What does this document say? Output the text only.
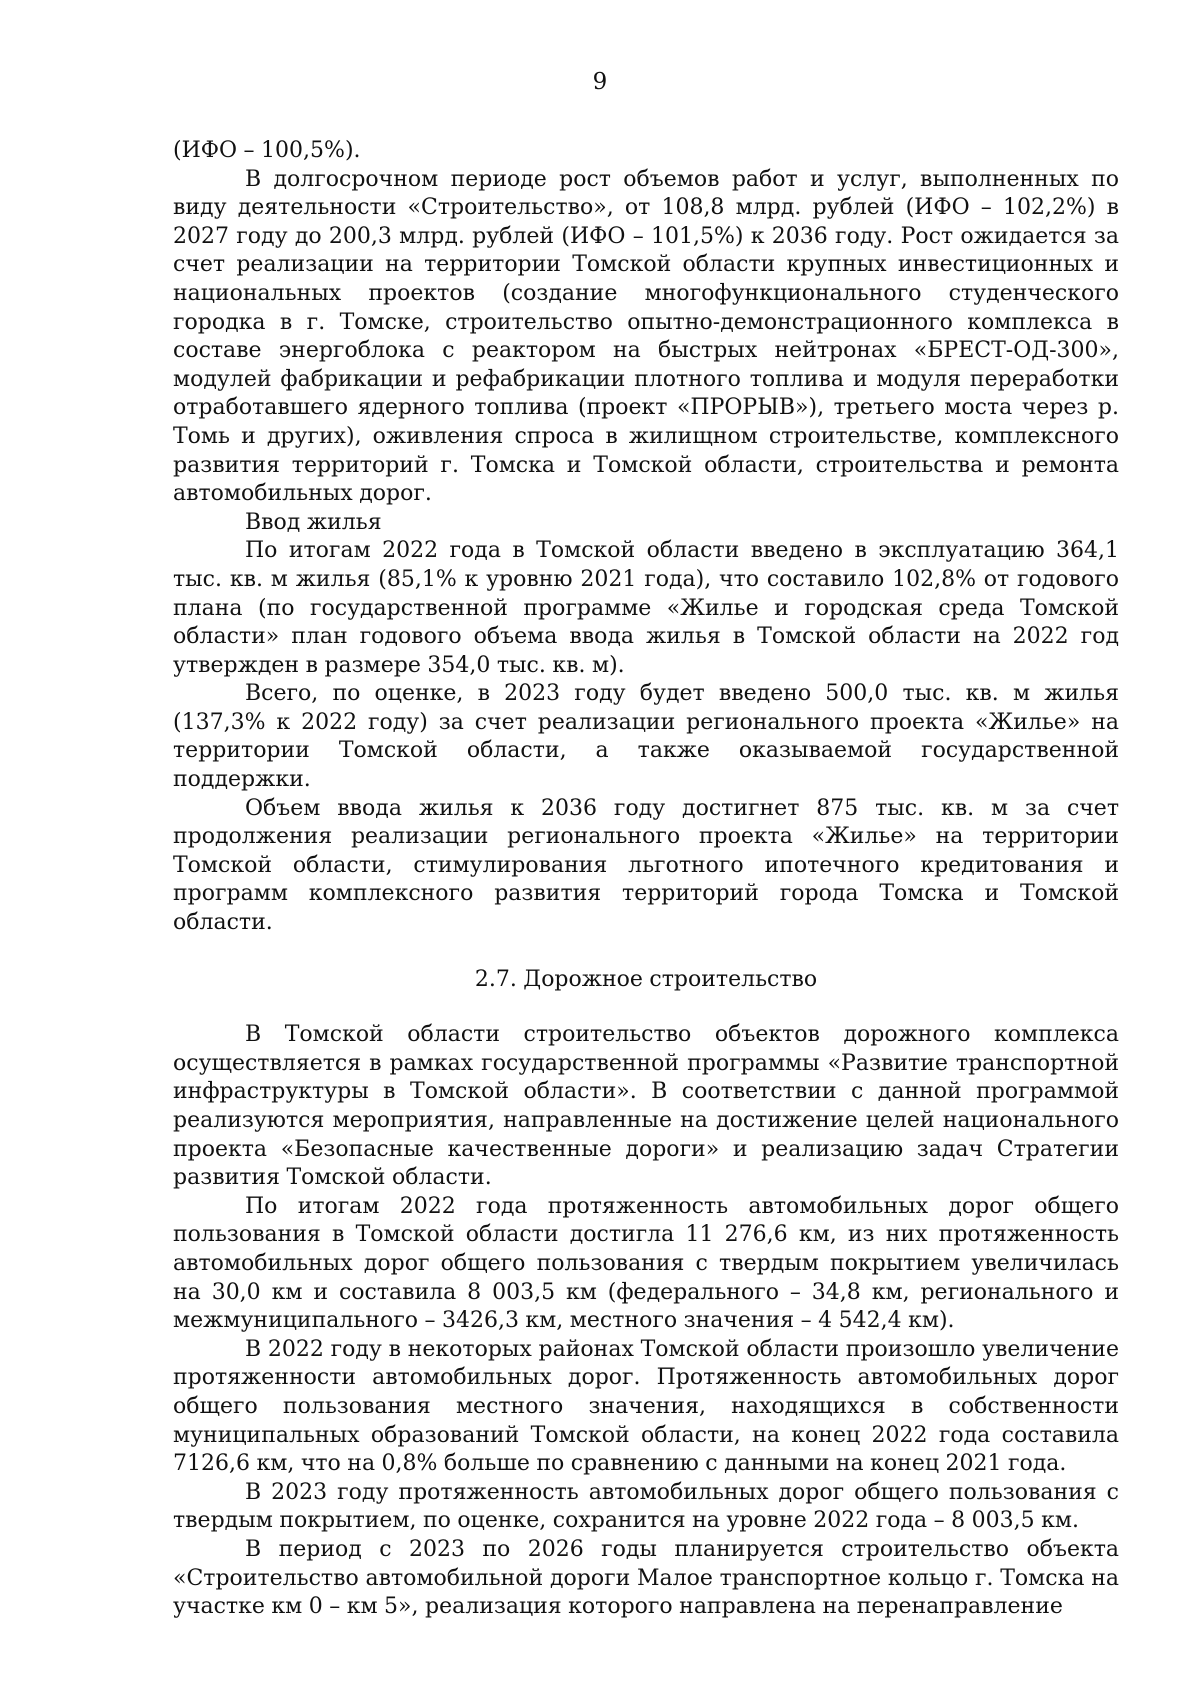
9

(ИФО – 100,5%).

В долгосрочном периоде рост объемов работ и услуг, выполненных по виду деятельности «Строительство», от 108,8 млрд. рублей (ИФО – 102,2%) в 2027 году до 200,3 млрд. рублей (ИФО – 101,5%) к 2036 году. Рост ожидается за счет реализации на территории Томской области крупных инвестиционных и национальных проектов (создание многофункционального студенческого городка в г. Томске, строительство опытно-демонстрационного комплекса в составе энергоблока с реактором на быстрых нейтронах «БРЕСТ-ОД-300», модулей фабрикации и рефабрикации плотного топлива и модуля переработки отработавшего ядерного топлива (проект «ПРОРЫВ»), третьего моста через р. Томь и других), оживления спроса в жилищном строительстве, комплексного развития территорий г. Томска и Томской области, строительства и ремонта автомобильных дорог.

Ввод жилья

По итогам 2022 года в Томской области введено в эксплуатацию 364,1 тыс. кв. м жилья (85,1% к уровню 2021 года), что составило 102,8% от годового плана (по государственной программе «Жилье и городская среда Томской области» план годового объема ввода жилья в Томской области на 2022 год утвержден в размере 354,0 тыс. кв. м).

Всего, по оценке, в 2023 году будет введено 500,0 тыс. кв. м жилья (137,3% к 2022 году) за счет реализации регионального проекта «Жилье» на территории Томской области, а также оказываемой государственной поддержки.

Объем ввода жилья к 2036 году достигнет 875 тыс. кв. м за счет продолжения реализации регионального проекта «Жилье» на территории Томской области, стимулирования льготного ипотечного кредитования и программ комплексного развития территорий города Томска и Томской области.

2.7. Дорожное строительство

В Томской области строительство объектов дорожного комплекса осуществляется в рамках государственной программы «Развитие транспортной инфраструктуры в Томской области». В соответствии с данной программой реализуются мероприятия, направленные на достижение целей национального проекта «Безопасные качественные дороги» и реализацию задач Стратегии развития Томской области.

По итогам 2022 года протяженность автомобильных дорог общего пользования в Томской области достигла 11 276,6 км, из них протяженность автомобильных дорог общего пользования с твердым покрытием увеличилась на 30,0 км и составила 8 003,5 км (федерального – 34,8 км, регионального и межмуниципального – 3426,3 км, местного значения – 4 542,4 км).

В 2022 году в некоторых районах Томской области произошло увеличение протяженности автомобильных дорог. Протяженность автомобильных дорог общего пользования местного значения, находящихся в собственности муниципальных образований Томской области, на конец 2022 года составила 7126,6 км, что на 0,8% больше по сравнению с данными на конец 2021 года.

В 2023 году протяженность автомобильных дорог общего пользования с твердым покрытием, по оценке, сохранится на уровне 2022 года – 8 003,5 км.

В период с 2023 по 2026 годы планируется строительство объекта «Строительство автомобильной дороги Малое транспортное кольцо г. Томска на участке км 0 – км 5», реализация которого направлена на перенаправление
